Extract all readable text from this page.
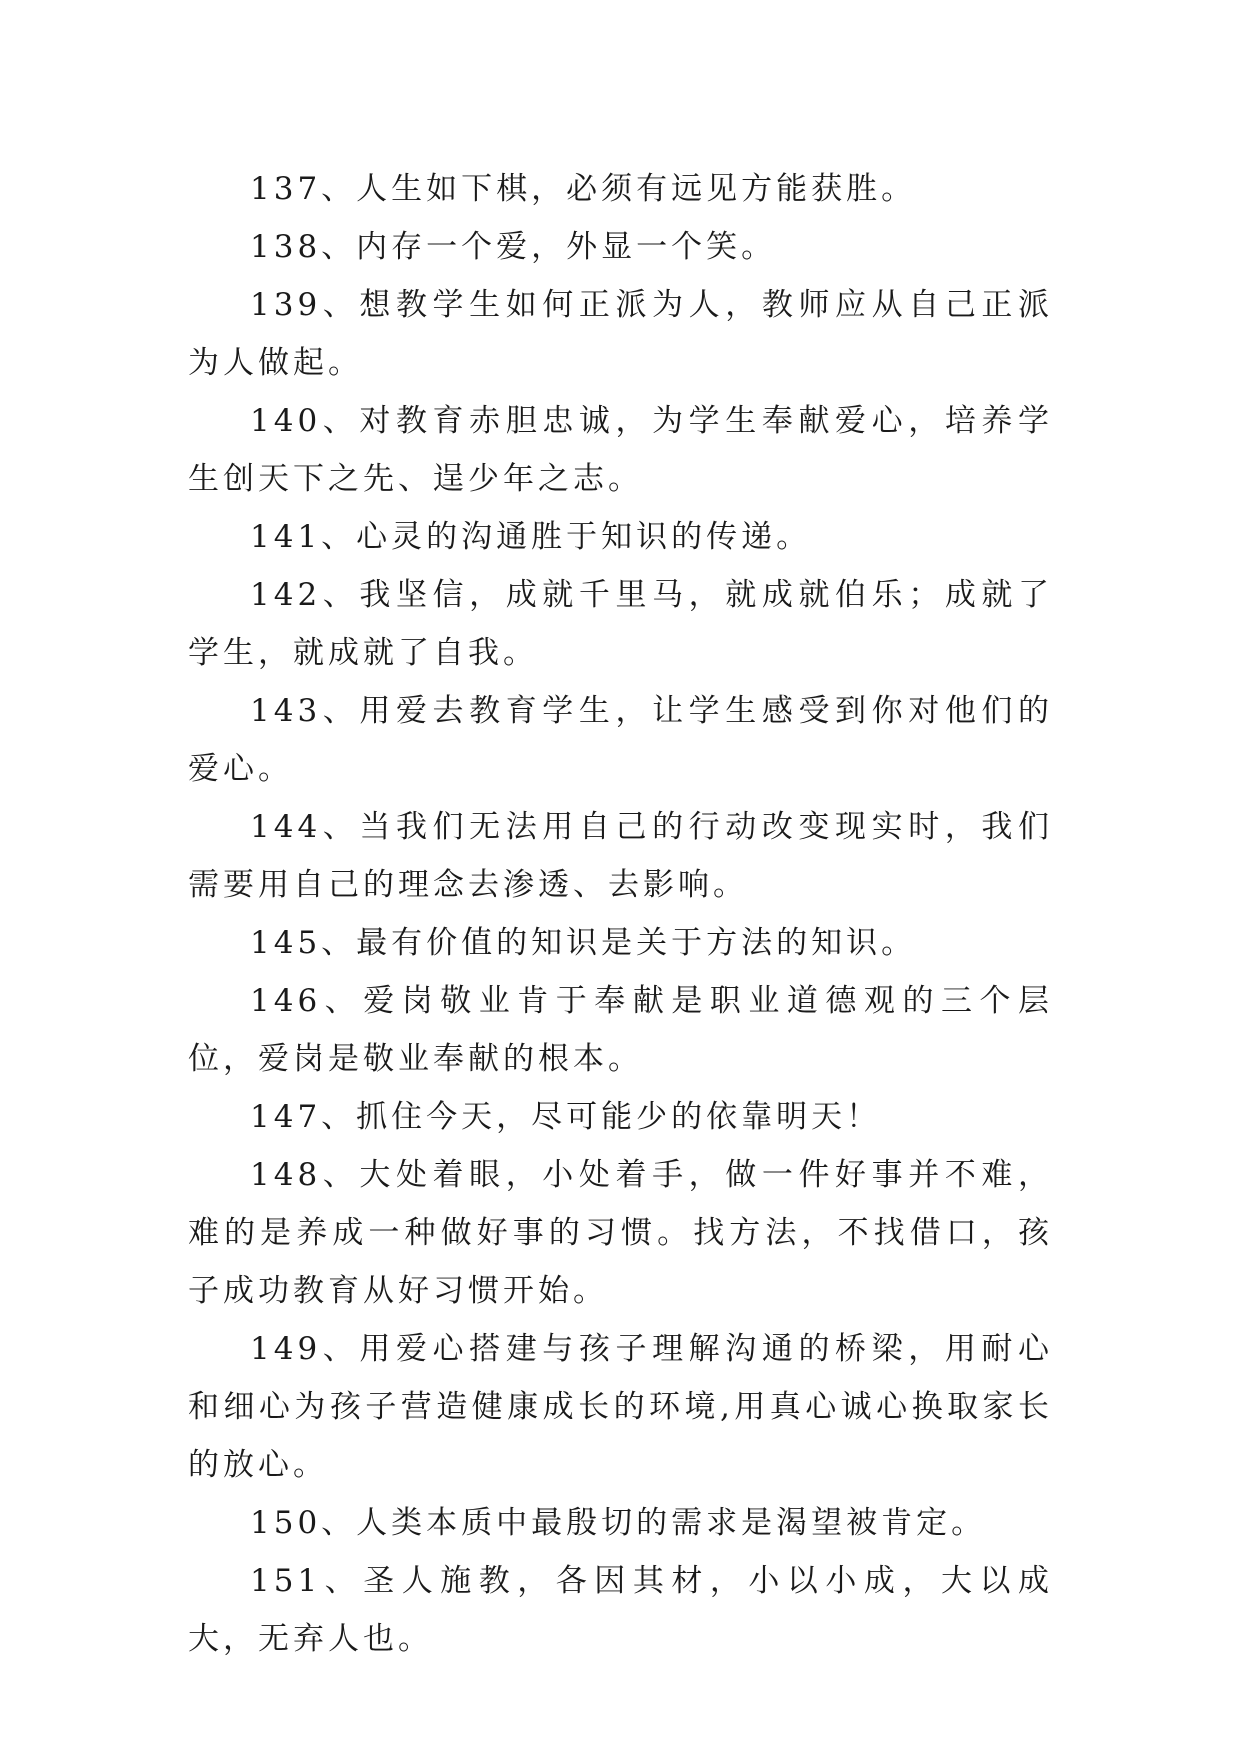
137、人生如下棋，必须有远见方能获胜。

138、内存一个爱，外显一个笑。

139、想教学生如何正派为人，教师应从自己正派为人做起。

140、对教育赤胆忠诚，为学生奉献爱心，培养学生创天下之先、逞少年之志。

141、心灵的沟通胜于知识的传递。

142、我坚信，成就千里马，就成就伯乐；成就了学生，就成就了自我。

143、用爱去教育学生，让学生感受到你对他们的爱心。

144、当我们无法用自己的行动改变现实时，我们需要用自己的理念去渗透、去影响。

145、最有价值的知识是关于方法的知识。

146、爱岗敬业肯于奉献是职业道德观的三个层位，爱岗是敬业奉献的根本。

147、抓住今天，尽可能少的依靠明天！

148、大处着眼，小处着手，做一件好事并不难，难的是养成一种做好事的习惯。找方法，不找借口，孩子成功教育从好习惯开始。

149、用爱心搭建与孩子理解沟通的桥梁，用耐心和细心为孩子营造健康成长的环境,用真心诚心换取家长的放心。

150、人类本质中最殷切的需求是渴望被肯定。

151、圣人施教，各因其材，小以小成，大以成大，无弃人也。
